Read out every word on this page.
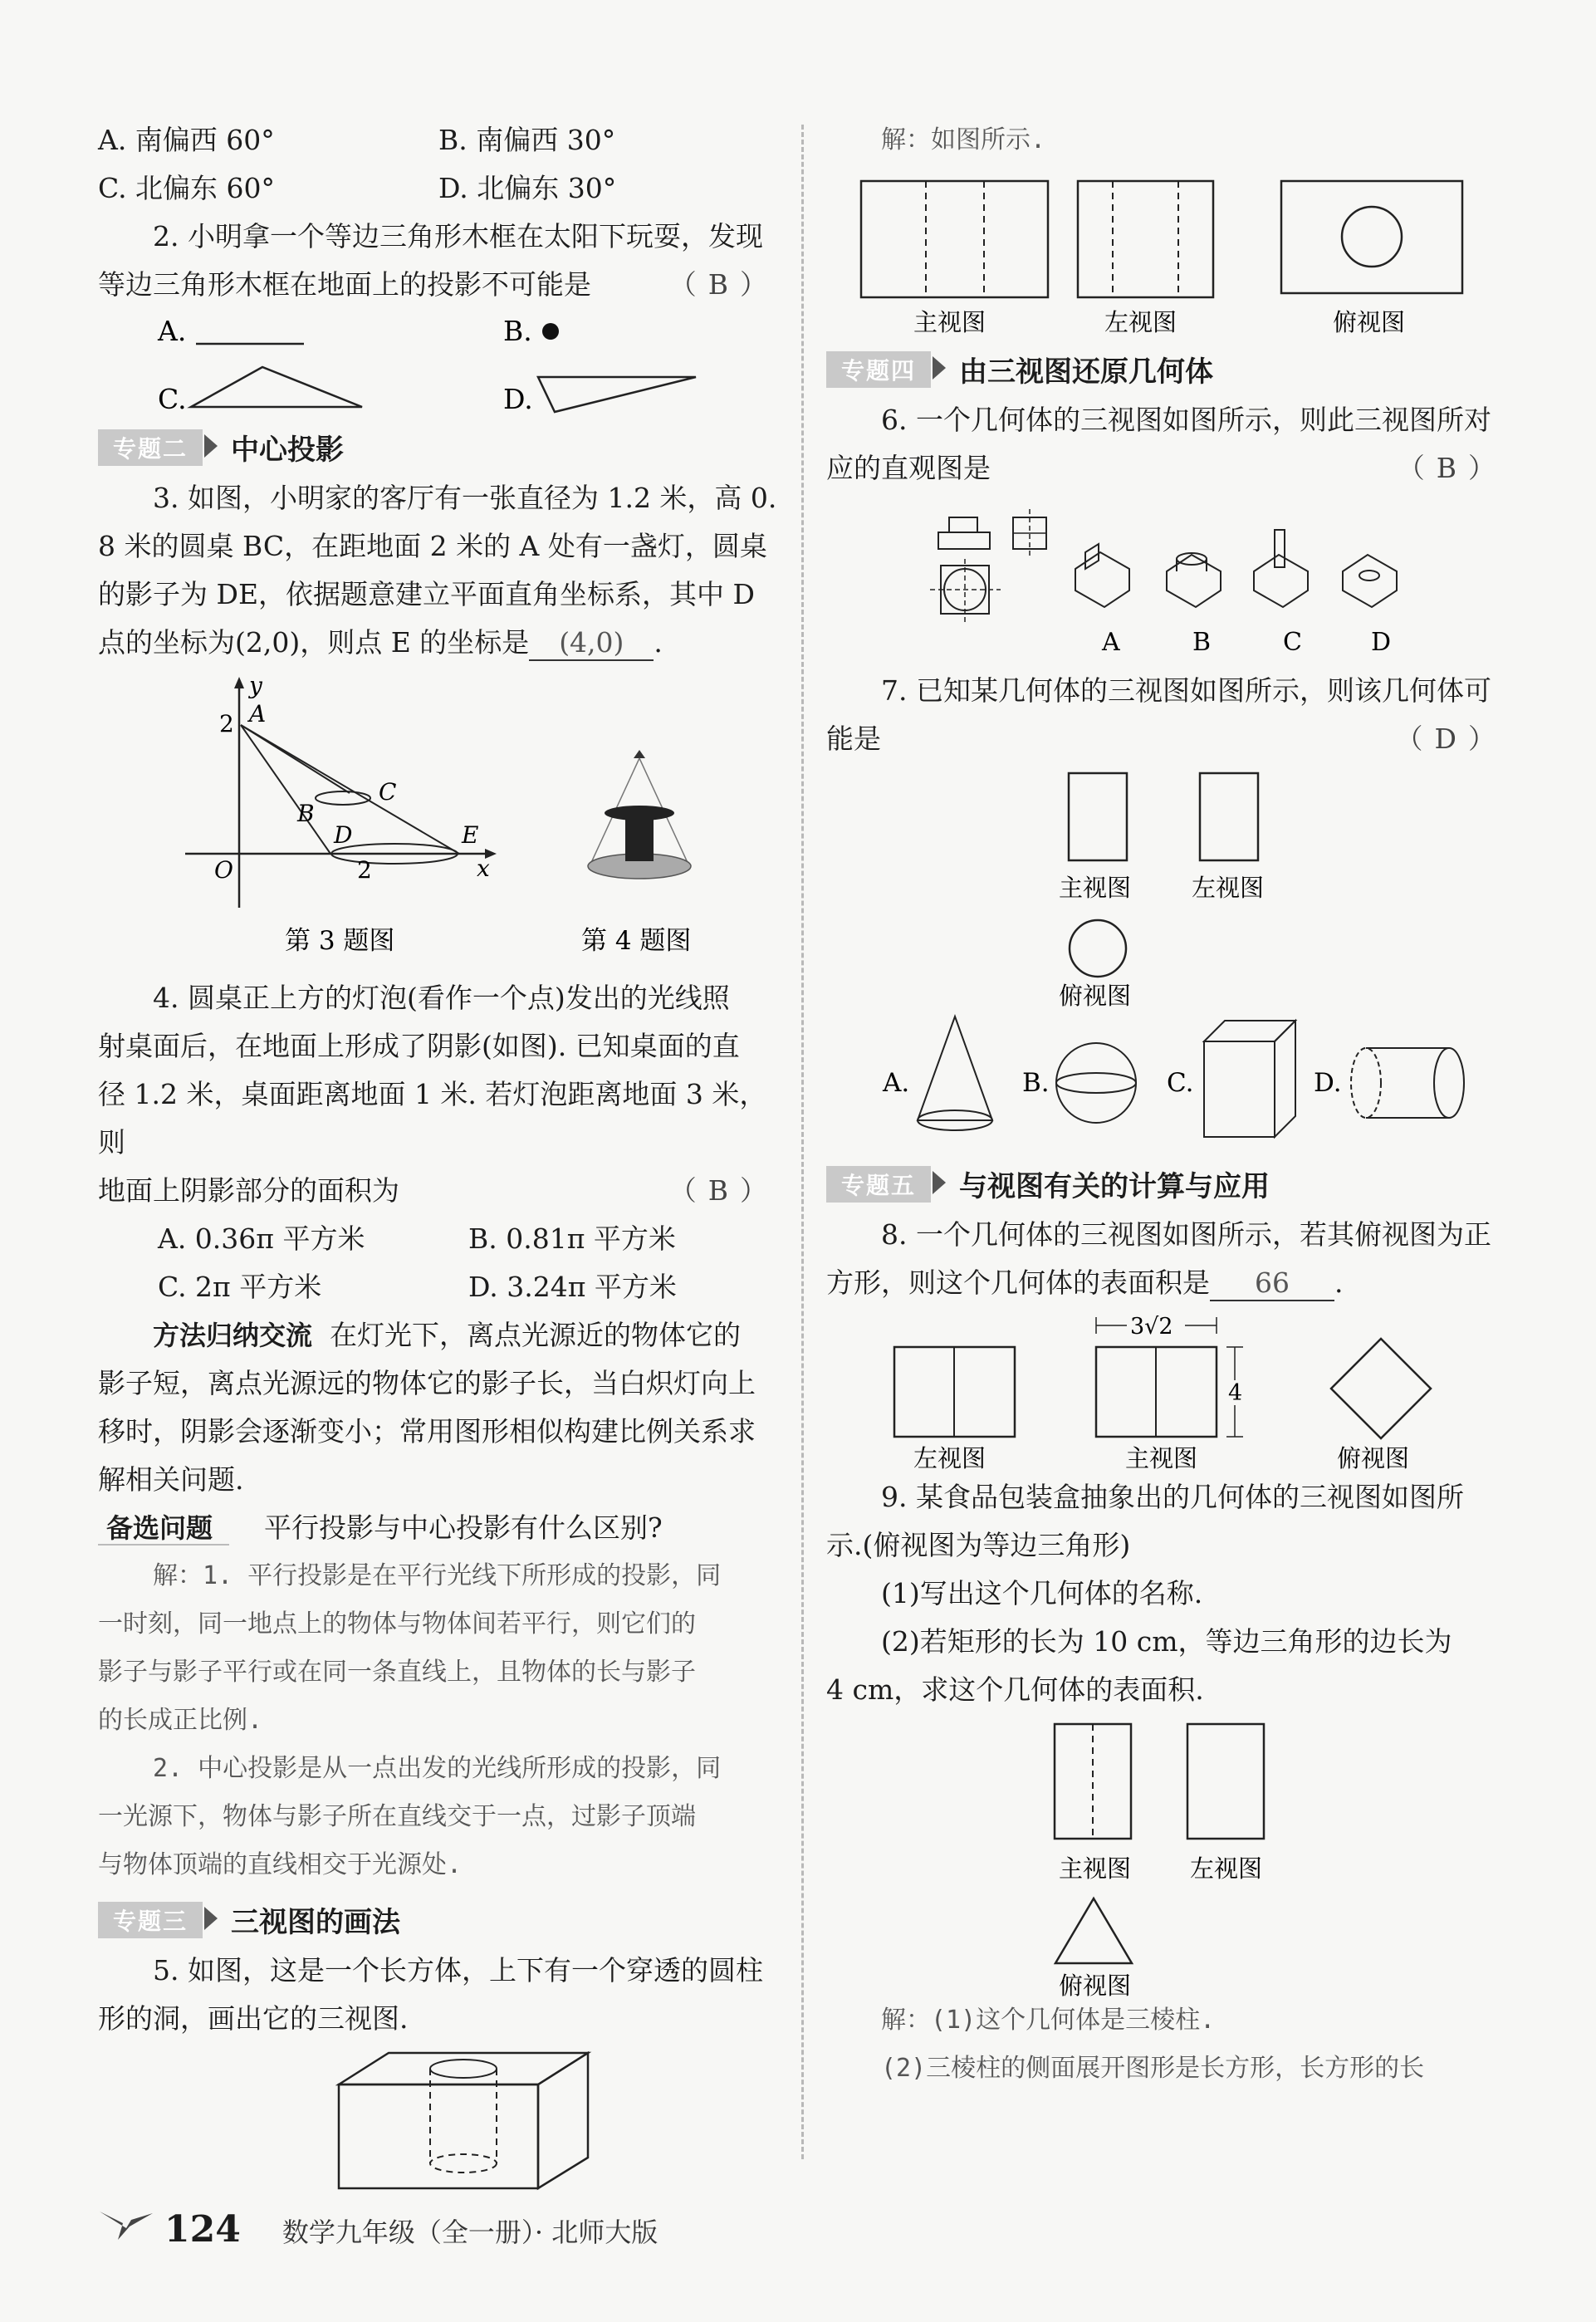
A. 南偏西 60°	B. 南偏西 30°
C. 北偏东 60°	D. 北偏东 30°

2. 小明拿一个等边三角形木框在太阳下玩耍，发现

等边三角形木框在地面上的投影不可能是	（B）

A.	B.
C.	D.
专题二	中心投影

3. 如图，小明家的客厅有一张直径为 1.2 米，高 0.

8 米的圆桌 BC，在距地面 2 米的 A 处有一盏灯，圆桌

的影子为 DE，依据题意建立平面直角坐标系，其中 D

点的坐标为(2,0)，则点 E 的坐标是 (4,0) .

y
A
2
C
B
D	E
O	2	x
第 3 题图	第 4 题图

4. 圆桌正上方的灯泡(看作一个点)发出的光线照

射桌面后，在地面上形成了阴影(如图). 已知桌面的直

径 1.2 米，桌面距离地面 1 米. 若灯泡距离地面 3 米，则

地面上阴影部分的面积为	（B）

A. 0.36π 平方米	B. 0.81π 平方米
C. 2π 平方米	D. 3.24π 平方米

方法归纳交流 在灯光下，离点光源近的物体它的

影子短，离点光源远的物体它的影子长，当白炽灯向上

移时，阴影会逐渐变小；常用图形相似构建比例关系求

解相关问题.

备选问题 平行投影与中心投影有什么区别?

解：1. 平行投影是在平行光线下所形成的投影，同

一时刻，同一地点上的物体与物体间若平行，则它们的

影子与影子平行或在同一条直线上，且物体的长与影子

的长成正比例.

2. 中心投影是从一点出发的光线所形成的投影，同

一光源下，物体与影子所在直线交于一点，过影子顶端

与物体顶端的直线相交于光源处.

专题三	三视图的画法

5. 如图，这是一个长方体，上下有一个穿透的圆柱

形的洞，画出它的三视图.

解：如图所示.

主视图	左视图	俯视图
专题四	由三视图还原几何体

6. 一个几何体的三视图如图所示，则此三视图所对

应的直观图是	（B）

A	B	C	D

7. 已知某几何体的三视图如图所示，则该几何体可

能是	（D）

主视图	左视图
俯视图
A.	B.	C.	D.
专题五	与视图有关的计算与应用

8. 一个几何体的三视图如图所示，若其俯视图为正

方形，则这个几何体的表面积是 66 .

左视图
3√2
4
主视图	俯视图

9. 某食品包装盒抽象出的几何体的三视图如图所

示.(俯视图为等边三角形)

(1)写出这个几何体的名称.

(2)若矩形的长为 10 cm，等边三角形的边长为

4 cm，求这个几何体的表面积.

主视图 左视图
俯视图

解：(1)这个几何体是三棱柱.

(2)三棱柱的侧面展开图形是长方形，长方形的长

124 数学九年级（全一册）· 北师大版
